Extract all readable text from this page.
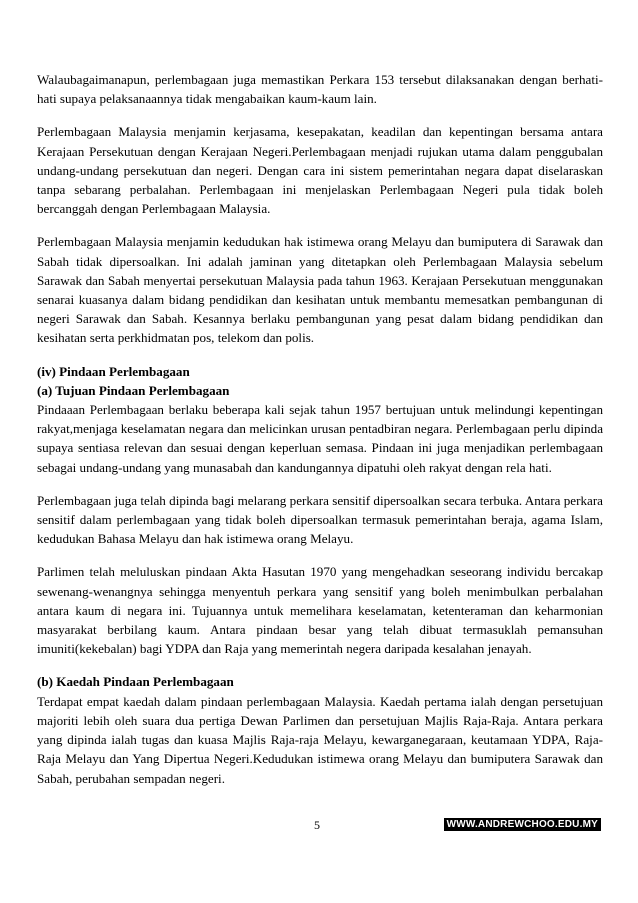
Walaubagaimanapun, perlembagaan juga memastikan Perkara 153 tersebut dilaksanakan dengan berhati-hati supaya pelaksanaannya tidak mengabaikan kaum-kaum lain.

Perlembagaan Malaysia menjamin kerjasama, kesepakatan, keadilan dan kepentingan bersama antara Kerajaan Persekutuan dengan Kerajaan Negeri.Perlembagaan menjadi rujukan utama dalam penggubalan undang-undang persekutuan dan negeri. Dengan cara ini sistem pemerintahan negara dapat diselaraskan tanpa sebarang perbalahan. Perlembagaan ini menjelaskan Perlembagaan Negeri pula tidak boleh bercanggah dengan Perlembagaan Malaysia.

Perlembagaan Malaysia menjamin kedudukan hak istimewa orang Melayu dan bumiputera di Sarawak dan Sabah tidak dipersoalkan. Ini adalah jaminan yang ditetapkan oleh Perlembagaan Malaysia sebelum Sarawak dan Sabah menyertai persekutuan Malaysia pada tahun 1963. Kerajaan Persekutuan menggunakan senarai kuasanya dalam bidang pendidikan dan kesihatan untuk membantu memesatkan pembangunan di negeri Sarawak dan Sabah. Kesannya berlaku pembangunan yang pesat dalam bidang pendidikan dan kesihatan serta perkhidmatan pos, telekom dan polis.

(iv) Pindaan Perlembagaan

(a) Tujuan Pindaan Perlembagaan

Pindaaan Perlembagaan berlaku beberapa kali sejak tahun 1957 bertujuan untuk melindungi kepentingan rakyat,menjaga keselamatan negara dan melicinkan urusan pentadbiran negara. Perlembagaan perlu dipinda supaya sentiasa relevan dan sesuai dengan keperluan semasa. Pindaan ini juga menjadikan perlembagaan sebagai undang-undang yang munasabah dan kandungannya dipatuhi oleh rakyat dengan rela hati.

Perlembagaan juga telah dipinda bagi melarang perkara sensitif dipersoalkan secara terbuka. Antara perkara sensitif dalam perlembagaan yang tidak boleh dipersoalkan termasuk pemerintahan beraja, agama Islam, kedudukan Bahasa Melayu dan hak istimewa orang Melayu.

Parlimen telah meluluskan pindaan Akta Hasutan 1970 yang mengehadkan seseorang individu bercakap sewenang-wenangnya sehingga menyentuh perkara yang sensitif yang boleh menimbulkan perbalahan antara kaum di negara ini. Tujuannya untuk memelihara keselamatan, ketenteraman dan keharmonian masyarakat berbilang kaum. Antara pindaan besar yang telah dibuat termasuklah pemansuhan imuniti(kekebalan) bagi YDPA dan Raja yang memerintah negera daripada kesalahan jenayah.

(b) Kaedah Pindaan Perlembagaan

Terdapat empat kaedah dalam pindaan perlembagaan Malaysia. Kaedah pertama ialah dengan persetujuan majoriti lebih oleh suara dua pertiga Dewan Parlimen dan persetujuan Majlis Raja-Raja. Antara perkara yang dipinda ialah tugas dan kuasa Majlis Raja-raja Melayu, kewarganegaraan, keutamaan YDPA, Raja-Raja Melayu dan Yang Dipertua Negeri.Kedudukan istimewa orang Melayu dan bumiputera Sarawak dan Sabah, perubahan sempadan negeri.

5	WWW.ANDREWCHOO.EDU.MY
